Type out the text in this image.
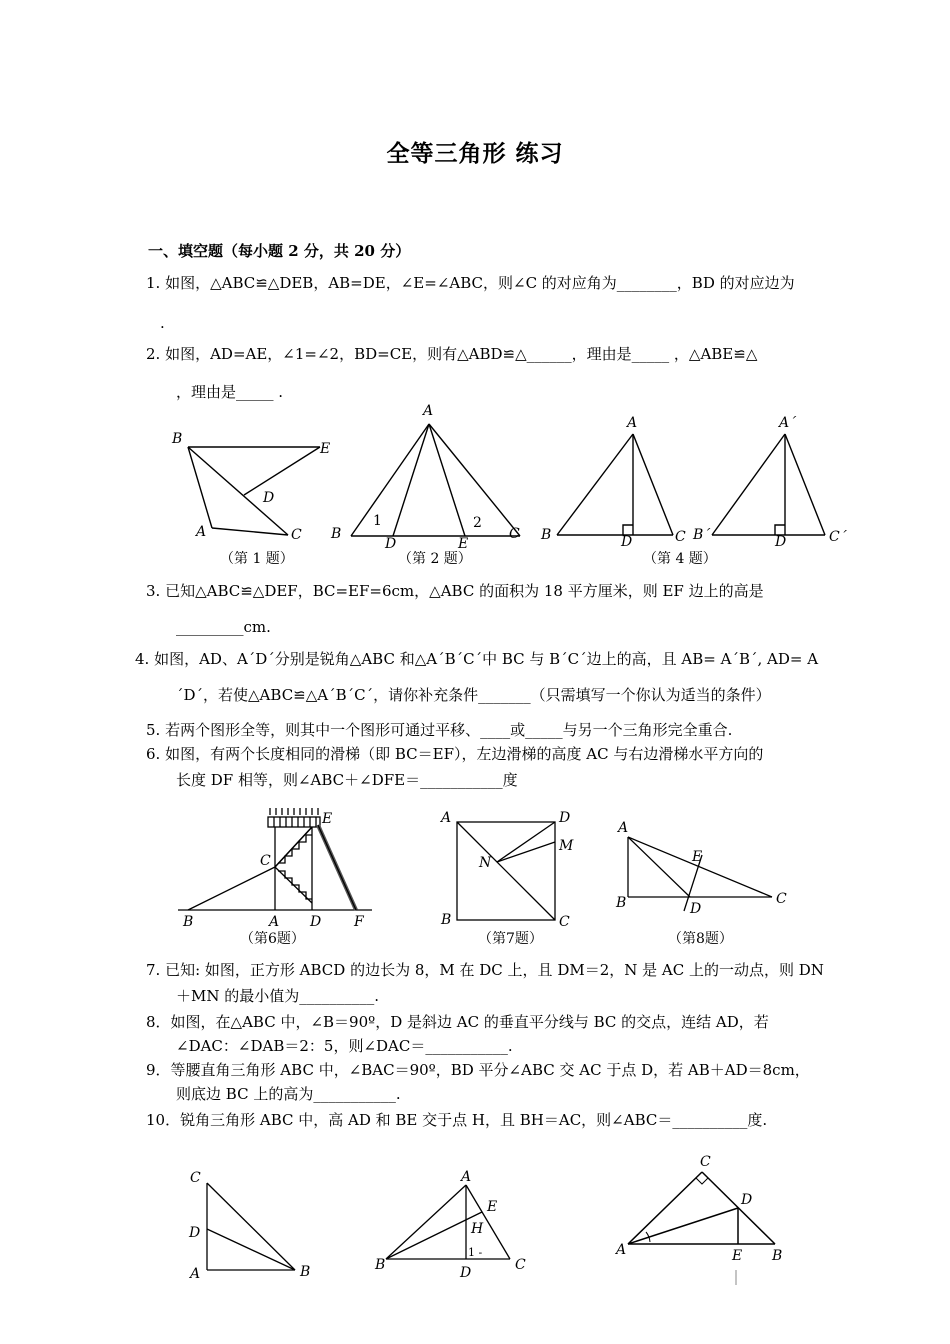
全等三角形 练习
一、填空题（每小题 2 分，共 20 分）
1. 如图，△ABC≌△DEB，AB=DE，∠E=∠ABC，则∠C 的对应角为________，BD 的对应边为
.
2. 如图，AD=AE，∠1=∠2，BD=CE，则有△ABD≌△______，理由是_____ ，△ABE≌△
，理由是_____ .
B
E
D
A	C
（第 1 题）
A
B	C
D	E
1	2
（第 2 题）
A
B	C
D
A´
B´	C´
D
（第 4 题）
3. 已知△ABC≌△DEF，BC=EF=6cm，△ABC 的面积为 18 平方厘米，则 EF 边上的高是
_________cm.
4. 如图，AD、A´D´分别是锐角△ABC 和△A´B´C´中 BC 与 B´C´边上的高，且 AB= A´B´, AD= A
´D´，若使△ABC≌△A´B´C´，请你补充条件_______（只需填写一个你认为适当的条件）
5. 若两个图形全等，则其中一个图形可通过平移、____或_____与另一个三角形完全重合.
6. 如图，有两个长度相同的滑梯（即 BC＝EF），左边滑梯的高度 AC 与右边滑梯水平方向的
长度 DF 相等，则∠ABC＋∠DFE＝___________度
C
E
B	A D F
（第6题）
A	D
M
N
B	C
（第7题）
A
E
B	D
C
（第8题）
7. 已知: 如图，正方形 ABCD 的边长为 8，M 在 DC 上，且 DM＝2，N 是 AC 上的一动点，则 DN
＋MN 的最小值为__________.
8．如图，在△ABC 中，∠B＝90º，D 是斜边 AC 的垂直平分线与 BC 的交点，连结 AD，若
∠DAC：∠DAB＝2：5，则∠DAC＝___________.
9．等腰直角三角形 ABC 中，∠BAC＝90º，BD 平分∠ABC 交 AC 于点 D，若 AB＋AD＝8cm，
则底边 BC 上的高为___________.
10．锐角三角形 ABC 中，高 AD 和 BE 交于点 H，且 BH＝AC，则∠ABC＝__________度.
C
D
A	B
A
E
H
1 -
B	C
D
C
D
A	E B
